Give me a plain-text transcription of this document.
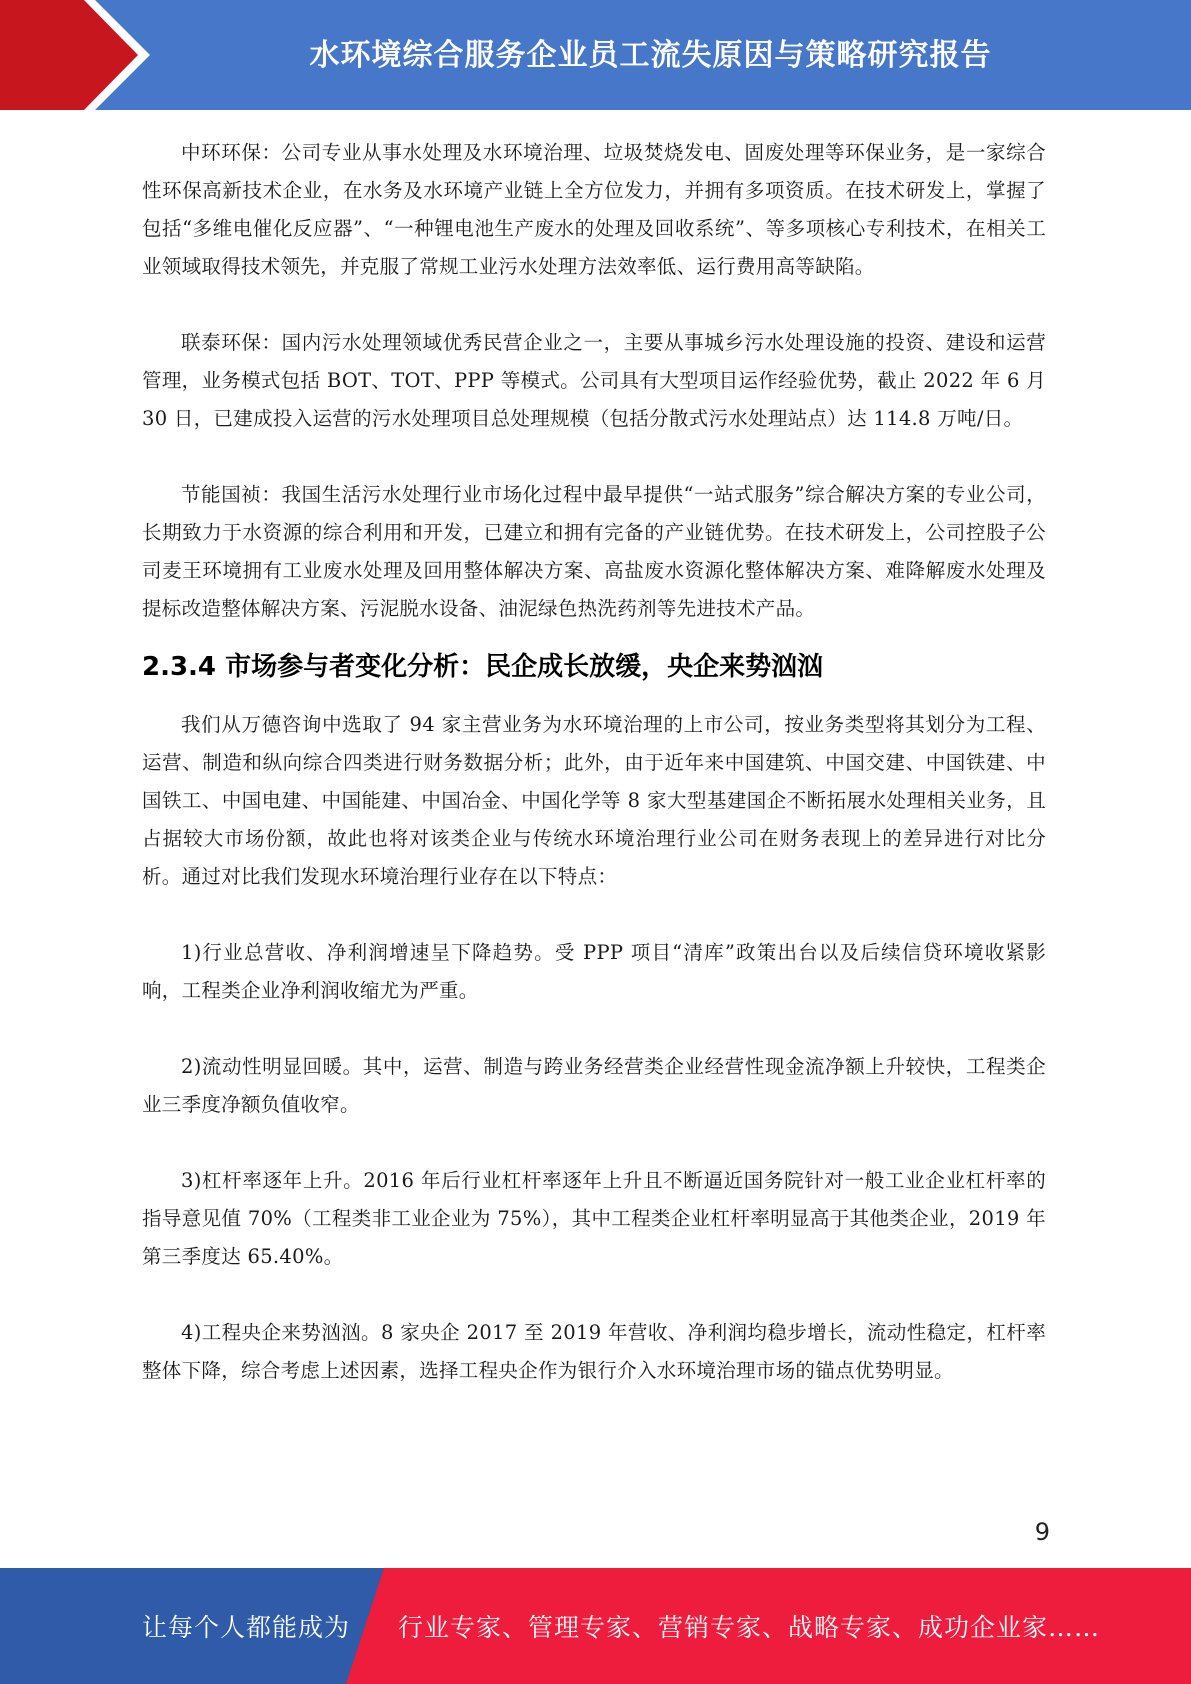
水环境综合服务企业员工流失原因与策略研究报告

中环环保：公司专业从事水处理及水环境治理、垃圾焚烧发电、固废处理等环保业务，是一家综合性环保高新技术企业，在水务及水环境产业链上全方位发力，并拥有多项资质。在技术研发上，掌握了包括“多维电催化反应器”、“一种锂电池生产废水的处理及回收系统”、等多项核心专利技术，在相关工业领域取得技术领先，并克服了常规工业污水处理方法效率低、运行费用高等缺陷。

联泰环保：国内污水处理领域优秀民营企业之一，主要从事城乡污水处理设施的投资、建设和运营管理，业务模式包括 BOT、TOT、PPP 等模式。公司具有大型项目运作经验优势，截止 2022 年 6 月 30 日，已建成投入运营的污水处理项目总处理规模（包括分散式污水处理站点）达 114.8 万吨/日。

节能国祯：我国生活污水处理行业市场化过程中最早提供“一站式服务”综合解决方案的专业公司，长期致力于水资源的综合利用和开发，已建立和拥有完备的产业链优势。在技术研发上，公司控股子公司麦王环境拥有工业废水处理及回用整体解决方案、高盐废水资源化整体解决方案、难降解废水处理及提标改造整体解决方案、污泥脱水设备、油泥绿色热洗药剂等先进技术产品。

2.3.4 市场参与者变化分析：民企成长放缓，央企来势汹汹

我们从万德咨询中选取了 94 家主营业务为水环境治理的上市公司，按业务类型将其划分为工程、运营、制造和纵向综合四类进行财务数据分析；此外，由于近年来中国建筑、中国交建、中国铁建、中国铁工、中国电建、中国能建、中国冶金、中国化学等 8 家大型基建国企不断拓展水处理相关业务，且占据较大市场份额，故此也将对该类企业与传统水环境治理行业公司在财务表现上的差异进行对比分析。通过对比我们发现水环境治理行业存在以下特点：

1)行业总营收、净利润增速呈下降趋势。受 PPP 项目“清库”政策出台以及后续信贷环境收紧影响，工程类企业净利润收缩尤为严重。

2)流动性明显回暖。其中，运营、制造与跨业务经营类企业经营性现金流净额上升较快，工程类企业三季度净额负值收窄。

3)杠杆率逐年上升。2016 年后行业杠杆率逐年上升且不断逼近国务院针对一般工业企业杠杆率的指导意见值 70%（工程类非工业企业为 75%），其中工程类企业杠杆率明显高于其他类企业，2019 年第三季度达 65.40%。

4)工程央企来势汹汹。8 家央企 2017 至 2019 年营收、净利润均稳步增长，流动性稳定，杠杆率整体下降，综合考虑上述因素，选择工程央企作为银行介入水环境治理市场的锚点优势明显。

9
让每个人都能成为 行业专家、管理专家、营销专家、战略专家、成功企业家……
